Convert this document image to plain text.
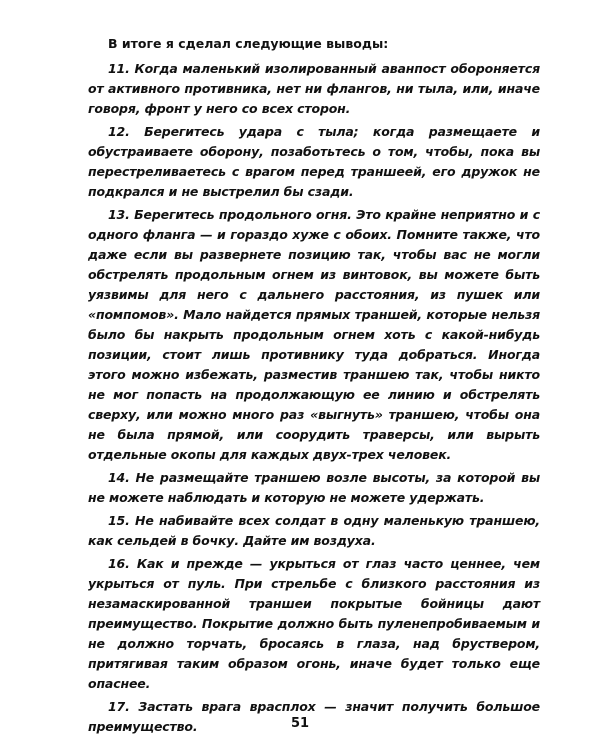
В итоге я сделал следующие выводы:

11. Когда маленький изолированный аванпост обороняется от активного противника, нет ни флангов, ни тыла, или, иначе говоря, фронт у него со всех сторон.

12. Берегитесь удара с тыла; когда размещаете и обустраиваете оборону, позаботьтесь о том, чтобы, пока вы перестреливаетесь с врагом перед траншеей, его дружок не подкрался и не выстрелил бы сзади.

13. Берегитесь продольного огня. Это крайне неприятно и с одного фланга — и гораздо хуже с обоих. Помните также, что даже если вы развернете позицию так, чтобы вас не могли обстрелять продольным огнем из винтовок, вы можете быть уязвимы для него с дальнего расстояния, из пушек или «помпомов». Мало найдется прямых траншей, которые нельзя было бы накрыть продольным огнем хоть с какой-нибудь позиции, стоит лишь противнику туда добраться. Иногда этого можно избежать, разместив траншею так, чтобы никто не мог попасть на продолжающую ее линию и обстрелять сверху, или можно много раз «выгнуть» траншею, чтобы она не была прямой, или соорудить траверсы, или вырыть отдельные окопы для каждых двух-трех человек.

14. Не размещайте траншею возле высоты, за которой вы не можете наблюдать и которую не можете удержать.

15. Не набивайте всех солдат в одну маленькую траншею, как сельдей в бочку. Дайте им воздуха.

16. Как и прежде — укрыться от глаз часто ценнее, чем укрыться от пуль. При стрельбе с близкого расстояния из незамаскированной траншеи покрытые бойницы дают преимущество. Покрытие должно быть пуленепробиваемым и не должно торчать, бросаясь в глаза, над бруствером, притягивая таким образом огонь, иначе будет только еще опаснее.

17. Застать врага врасплох — значит получить большое преимущество.	51
